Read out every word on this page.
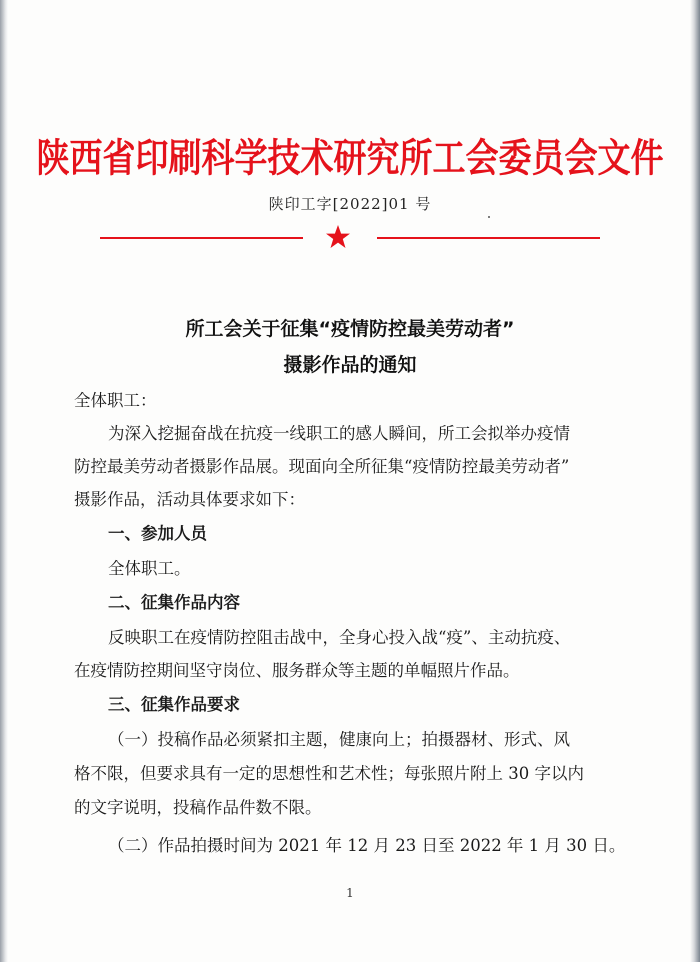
陕西省印刷科学技术研究所工会委员会文件
陕印工字[2022]01 号
所工会关于征集“疫情防控最美劳动者”
摄影作品的通知
全体职工：
为深入挖掘奋战在抗疫一线职工的感人瞬间，所工会拟举办疫情
防控最美劳动者摄影作品展。现面向全所征集“疫情防控最美劳动者”
摄影作品，活动具体要求如下：
一、参加人员
全体职工。
二、征集作品内容
反映职工在疫情防控阻击战中，全身心投入战“疫”、主动抗疫、
在疫情防控期间坚守岗位、服务群众等主题的单幅照片作品。
三、征集作品要求
（一）投稿作品必须紧扣主题，健康向上；拍摄器材、形式、风
格不限，但要求具有一定的思想性和艺术性；每张照片附上 30 字以内
的文字说明，投稿作品件数不限。
（二）作品拍摄时间为 2021 年 12 月 23 日至 2022 年 1 月 30 日。
1
